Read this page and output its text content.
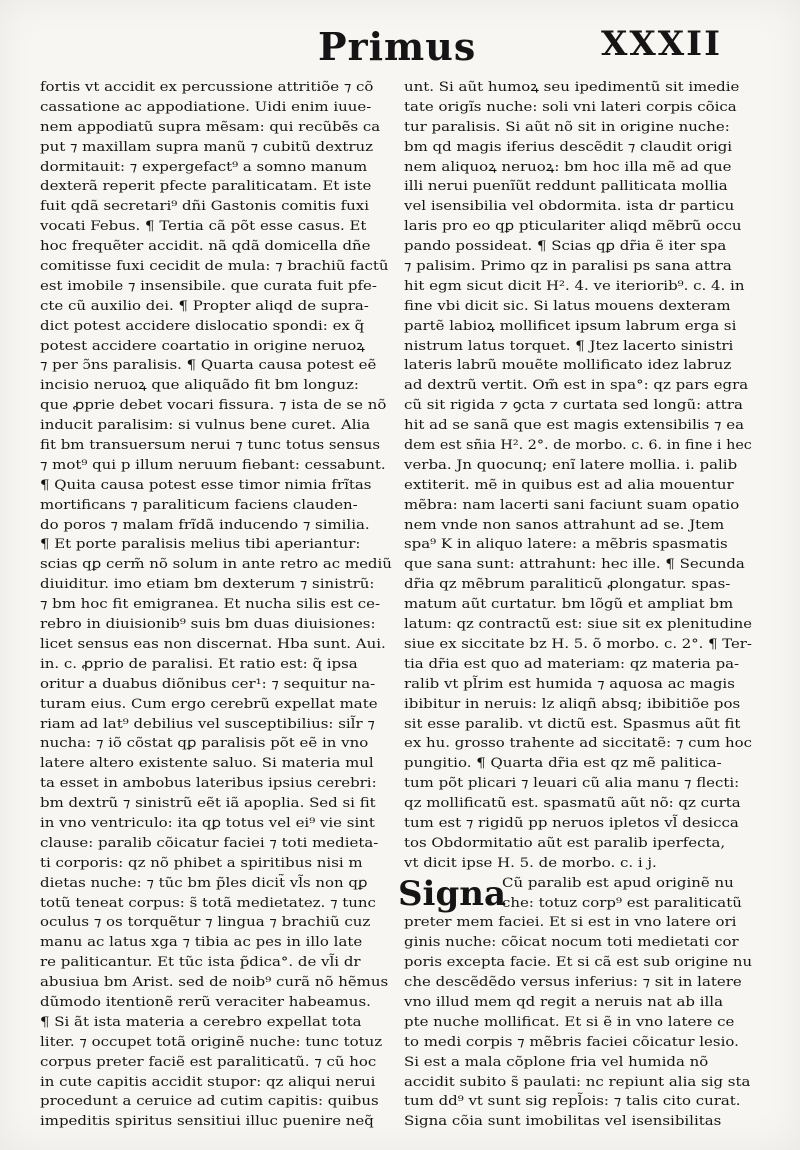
Primus	XXXII
fortis vt accidit ex percussione attritiõe ⁊ cõ
cassatione ac appodiatione. Uidi enim iuue-
nem appodiatũ supra mẽsam: qui recũbẽs ca
put ⁊ maxillam supra manũ ⁊ cubitũ dextruz
dormitauit: ⁊ expergefact⁹ a somno manum
dexterã reperit pfecte paraliticatam. Et iste
fuit qdã secretari⁹ dñi Gastonis comitis fuxi
vocati Febus. ¶ Tertia cã põt esse casus. Et
hoc frequẽter accidit. nã qdã domicella dñe
comitisse fuxi cecidit de mula: ⁊ brachiũ factũ
est imobile ⁊ insensibile. que curata fuit pfe-
cte cũ auxilio dei. ¶ Propter aliqd de supra-
dict potest accidere dislocatio spondi: ex q̃
potest accidere coartatio in origine neruoꝝ
⁊ per ɔ̃ns paralisis. ¶ Quarta causa potest eẽ
incisio neruoꝝ que aliquãdo fit bm longuz:
que ꝓprie debet vocari fissura. ⁊ ista de se nõ
inducit paralisim: si vulnus bene curet. Alia
fit bm transuersum nerui ⁊ tunc totus sensus
⁊ mot⁹ qui p illum neruum fiebant: cessabunt.
¶ Quita causa potest esse timor nimia frĩtas
mortificans ⁊ paraliticum faciens clauden-
do poros ⁊ malam frĩdã inducendo ⁊ similia.
¶ Et porte paralisis melius tibi aperiantur:
scias qꝑ cerm̃ nõ solum in ante retro ac mediũ
diuiditur. imo etiam bm dexterum ⁊ sinistrũ:
⁊ bm hoc fit emigranea. Et nucha silis est ce-
rebro in diuisionib⁹ suis bm duas diuisiones:
licet sensus eas non discernat. Hba sunt. Aui.
in. c. ꝓprio de paralisi. Et ratio est: q̃ ipsa
oritur a duabus diõnibus cer¹: ⁊ sequitur na-
turam eius. Cum ergo cerebrũ expellat mate
riam ad lat⁹ debilius vel susceptibilius: sil̃r ⁊
nucha: ⁊ iõ cõstat qꝑ paralisis põt eẽ in vno
latere altero existente saluo. Si materia mul
ta esset in ambobus lateribus ipsius cerebri:
bm dextrũ ⁊ sinistrũ eẽt iã apoplia. Sed si fit
in vno ventriculo: ita qꝑ totus vel ei⁹ vie sint
clause: paralib cõicatur faciei ⁊ toti medieta-
ti corporis: qz nõ phibet a spiritibus nisi m
dietas nuche: ⁊ tũc bm p̃les dicit̃ vl̃s non qꝑ
totũ teneat corpus: s̃ totã medietatez. ⁊ tunc
oculus ⁊ os torquẽtur ⁊ lingua ⁊ brachiũ cuz
manu ac latus xga ⁊ tibia ac pes in illo late
re paliticantur. Et tũc ista p̃dica°. de vl̃i dr
abusiua bm Arist. sed de noib⁹ curã nõ hẽmus
dũmodo itentionẽ rerũ veraciter habeamus.
¶ Si ãt ista materia a cerebro expellat tota
liter. ⁊ occupet totã originẽ nuche: tunc totuz
corpus preter faciẽ est paraliticatũ. ⁊ cũ hoc
in cute capitis accidit stupor: qz aliqui nerui
procedunt a ceruice ad cutim capitis: quibus
impeditis spiritus sensitiui illuc puenire neq̃
unt. Si aũt humoꝝ seu ipedimentũ sit imedie
tate origĩs nuche: soli vni lateri corpis cõica
tur paralisis. Si aũt nõ sit in origine nuche:
bm qd magis iferius descẽdit ⁊ claudit origi
nem aliquoꝝ neruoꝝ: bm hoc illa mẽ ad que
illi nerui puenĩũt reddunt palliticata mollia
vel isensibilia vel obdormita. ista dr particu
laris pro eo qꝑ pticulariter aliqd mẽbrũ occu
pando possideat. ¶ Scias qꝑ dr̃ia ẽ iter spa
⁊ palisim. Primo qz in paralisi ps sana attra
hit egm sicut dicit H². 4. ve iteriorib⁹. c. 4. in
fine vbi dicit sic. Si latus mouens dexteram
partẽ labioꝝ mollificet ipsum labrum erga si
nistrum latus torquet. ¶ Jtez lacerto sinistri
lateris labrũ mouẽte mollificato idez labruz
ad dextrũ vertit. Om̃ est in spa°: qz pars egra
cũ sit rigida ⁊ ꝯcta ⁊ curtata sed longũ: attra
hit ad se sanã que est magis extensibilis ⁊ ea
dem est sñia H². 2°. de morbo. c. 6. in fine i hec
verba. Jn quocunq; enĩ latere mollia. i. palib
extiterit. mẽ in quibus est ad alia mouentur
mẽbra: nam lacerti sani faciunt suam opatio
nem vnde non sanos attrahunt ad se. Jtem
spa⁹ K in aliquo latere: a mẽbris spasmatis
que sana sunt: attrahunt: hec ille. ¶ Secunda
dr̃ia qz mẽbrum paraliticũ ꝓlongatur. spas-
matum aũt curtatur. bm lõgũ et ampliat bm
latum: qz contractũ est: siue sit ex plenitudine
siue ex siccitate bz H. 5. õ morbo. c. 2°. ¶ Ter-
tia dr̃ia est quo ad materiam: qz materia pa-
ralib vt pl̃rim est humida ⁊ aquosa ac magis
ibibitur in neruis: lz aliqñ absq; ibibitiõe pos
sit esse paralib. vt dictũ est. Spasmus aũt fit
ex hu. grosso trahente ad siccitatẽ: ⁊ cum hoc
pungitio. ¶ Quarta dr̃ia est qz mẽ palitica-
tum põt plicari ⁊ leuari cũ alia manu ⁊ flecti:
qz mollificatũ est. spasmatũ aũt nõ: qz curta
tum est ⁊ rigidũ pp neruos ipletos vl̃ desicca
tos Obdormitatio aũt est paralib iperfecta,
vt dicit ipse H. 5. de morbo. c. i j.
Signa
Cũ paralib est apud originẽ nu
che: totuz corp⁹ est paraliticatũ
preter mem faciei. Et si est in vno latere ori
ginis nuche: cõicat nocum toti medietati cor
poris excepta facie. Et si cã est sub origine nu
che descẽdẽdo versus inferius: ⁊ sit in latere
vno illud mem qd regit a neruis nat ab illa
pte nuche mollificat. Et si ẽ in vno latere ce
to medi corpis ⁊ mẽbris faciei cõicatur lesio.
Si est a mala cõplone fria vel humida nõ
accidit subito s̃ paulati: nc repiunt alia sig sta
tum dd⁹ vt sunt sig repl̃ois: ⁊ talis cito curat.
Signa cõia sunt imobilitas vel isensibilitas
